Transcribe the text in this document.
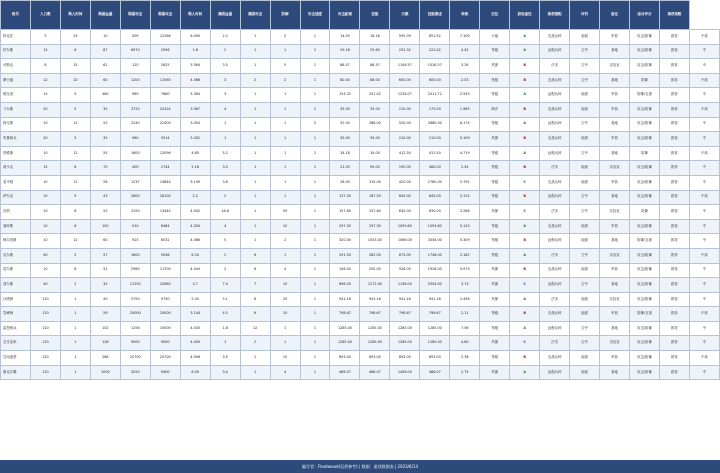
账号	人口数	购入时间	购最血量	购最攻击	购最攻击	购入时间	满级血量	满级攻击	防御	攻击速度	攻击距离	技能	天赋	技能描述	种族	定位	获取途径	推荐搭配	评价	备注	综合评分	推荐指数	
阿克托	5	24	10	509	12266	6.490	2.2	1	2	1	14.55	18.16	595.09	651.92	7.109	大地	A	近战兵种	地面	军营	攻击/防御	推荐	中高
伊尔斯	15	6	87	6970	2956	1.8	2	1	1	2	29.18	25.60	252.32	222.02	4.42	等级	A	远程兵种	空中	基地	攻击/防御	推荐	中
可斯克	8	15	62	120	2625	5.564	3.5	1	5	1	86.57	86.57	1106.57	1026.57	3.26	风暴	B	法术	空中	实验室	攻击/防御	推荐	中
摩天地	12	10	60	1200	11560	4.466	3	2	2	1	80.00	88.00	600.00	600.00	2.53	等级	B	近战兵种	空中	基地	防御	推荐	中高
维比诺	15	9	460	960	7680	5.564	3	1	1	1	153.32	251.42	1226.07	2011.72	2.555	等级	A	远程兵种	地面	军营	防御/支援	推荐	中
斗尔斯	20	5	35	3720	22424	3.967	4	1	1	2	35.00	35.00	210.00	175.00	1.985	海洋	B	近战兵种	地面	军营	攻击/防御	推荐	中高
阿比斯	10	12	52	2240	22400	3.054	1	1	1	2	52.00	286.00	520.00	2860.00	6.174	等级	A	远程兵种	空中	基地	攻击/防御	推荐	中
风暴骑兵	20	5	35	960	5514	5.002	1	1	1	1	35.00	35.00	210.00	210.00	5.109	风暴	B	近战兵种	地面	军营	攻击/防御	推荐	中
塔维斯	10	12	55	1600	12096	4.85	5.2	1	1	2	34.18	34.00	412.50	412.50	4.719	等级	A	远程兵种	空中	基地	防御	推荐	中高
莉卡克	15	8	70	400	2744	5.16	3.5	1	1	1	21.05	95.00	190.00	480.00	2.54	等级	B	法术	地面	实验室	攻击/防御	推荐	中
泰平格	10	12	28	1237	14844	3.199	3.8	1	1	1	28.00	315.00	420.00	2780.00	5.792	等级	C	近战兵种	地面	军营	攻击/防御	推荐	中
萨尔克	10	9	43	2600	28100	2.2	2	1	1	1	137.30	187.59	645.00	645.00	3.124	等级	B	远程兵种	空中	基地	攻击/防御	推荐	中高
沃纳	10	8	52	2250	13440	4.502	16.8	1	50	1	157.80	157.80	630.00	630.00	3.286	风暴	C	法术	空中	实验室	防御	推荐	中
塞库斯	10	6	100	910	8484	4.304	4	1	10	1	297.30	297.30	1093.80	1093.80	5.125	等级	A	近战兵种	地面	军营	攻击/防御	推荐	中
枫尔伯斯	10	12	60	925	6532	4.066	5	1	2	1	320.00	1053.00	1066.00	3344.00	5.309	等级	B	远程兵种	地面	基地	防御/支援	推荐	中
克尔斯	40	2	57	1600	5046	6.34	2	6	1	1	291.50	582.00	873.00	1746.00	2.182	等级	A	法术	空中	实验室	攻击/防御	推荐	中高
葛尔斯	10	8	51	2960	11700	4.044	2	6	4	1	108.00	205.00	926.00	1926.00	5.973	风暴	B	近战兵种	地面	军营	攻击/防御	推荐	中
西尔斯	40	2	35	11250	22680	3.7	7.4	7	10	1	696.00	1272.00	1136.00	2504.00	3.13	风暴	C	远程兵种	空中	基地	攻击/防御	推荐	中
沙漠骑	120	1	40	5750	5750	5.35	5.1	6	20	1	941.16	941.16	941.16	941.16	2.456	风暴	A	法术	地面	实验室	攻击/防御	推荐	中
雪峰骑	120	1	59	25000	25000	3.144	4.5	6	10	1	798.67	798.67	798.67	798.67	2.11	等级	B	近战兵种	地面	军营	防御/支援	推荐	中高
雷恩骑兵	120	1	102	1256	15000	4.430	1.8	12	1	1	1285.00	1285.00	1285.00	1285.00	7.56	等级	A	远程兵种	空中	基地	攻击/防御	推荐	中
艺术皇家	120	1	128	9000	9000	4.450	1	2	1	1	1285.00	1285.00	1285.00	1285.00	4.80	风暴	C	法术	空中	实验室	攻击/防御	推荐	中
空间逐梦	120	1	288	20700	20700	4.906	3.5	1	10	1	893.00	893.00	893.00	893.00	2.36	等级	B	近战兵种	地面	军营	攻击/防御	推荐	中高
斯克尔腾	120	1	1000	3250	9400	6.09	3.4	1	4	1	466.07	466.07	1408.00	466.07	2.75	风暴	A	远程兵种	地面	基地	攻击/防御	推荐	中
编写者：Fleetwood(仅供参考) | 数据：游戏数据表 | 2023/6/14
